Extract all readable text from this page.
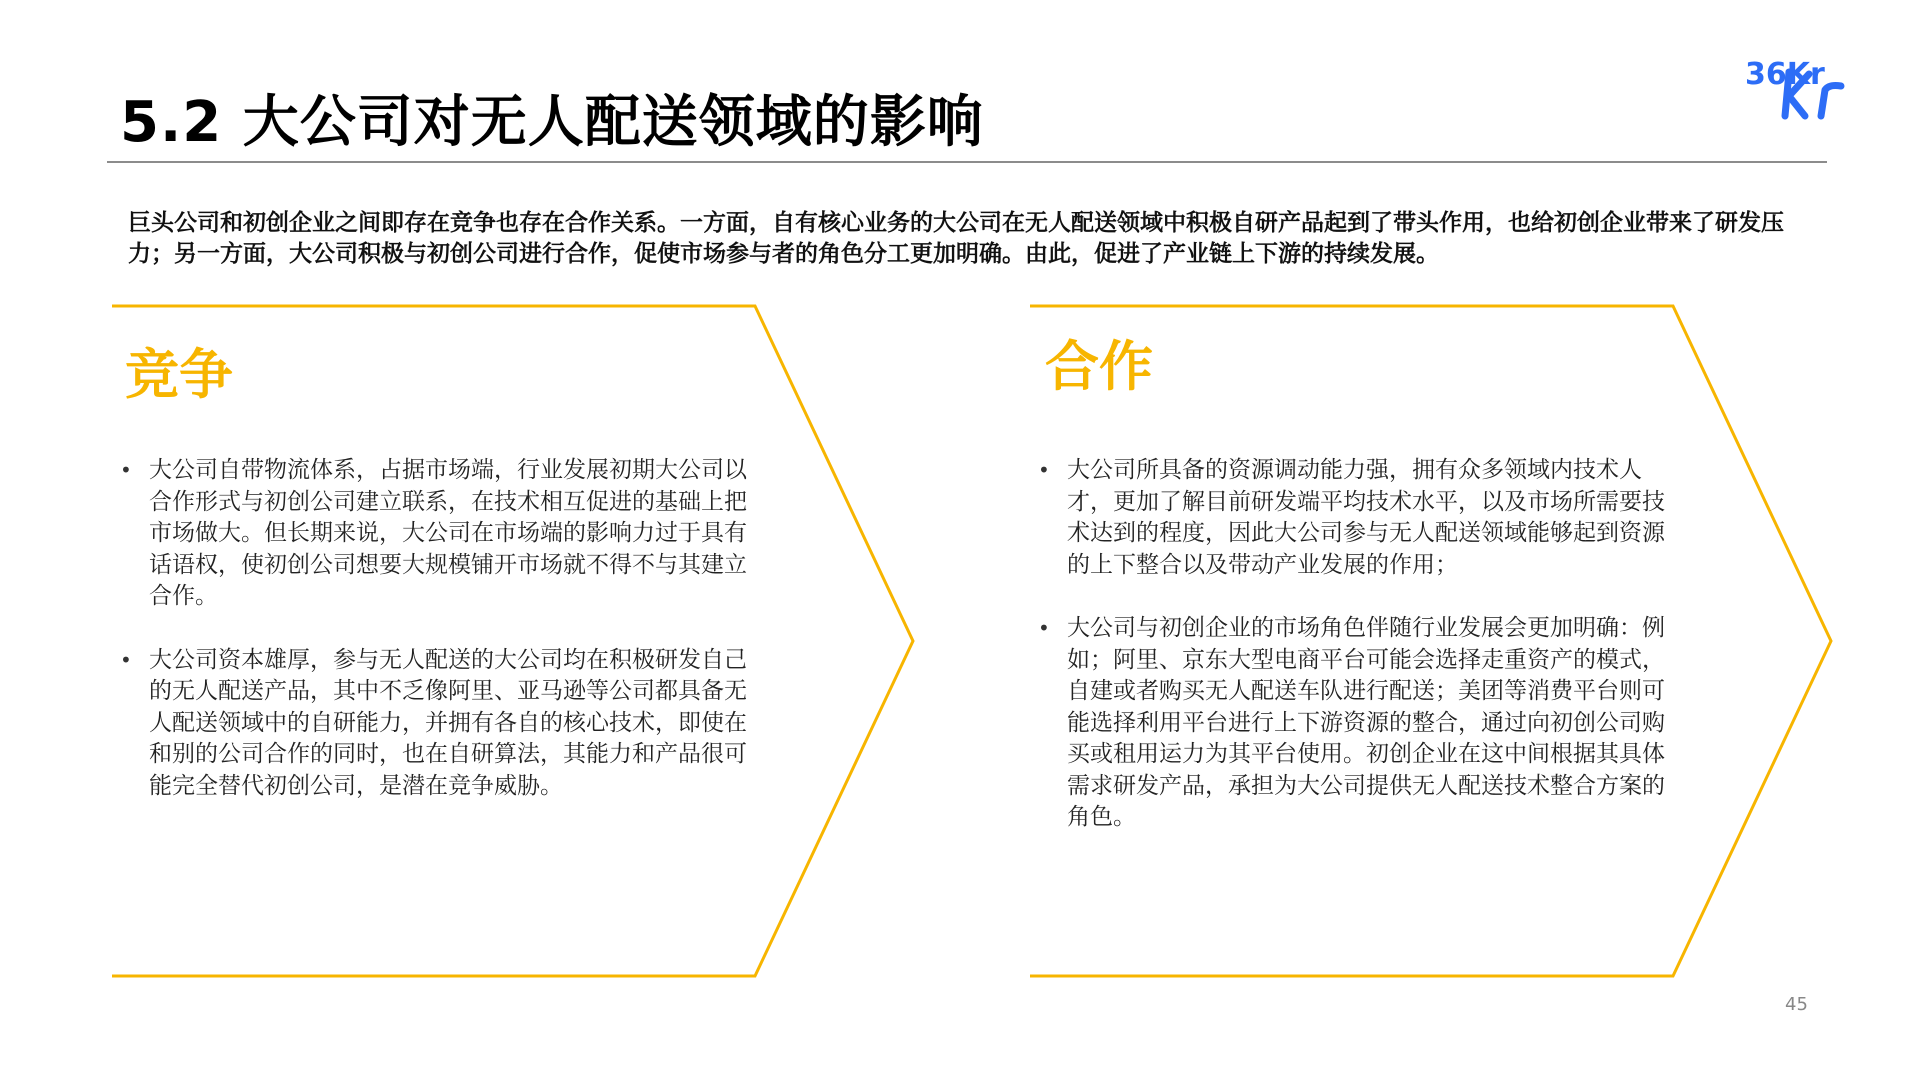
5.2 大公司对无人配送领域的影响
36Kr
巨头公司和初创企业之间即存在竞争也存在合作关系。一方面，自有核心业务的大公司在无人配送领域中积极自研产品起到了带头作用，也给初创企业带来了研发压力；另一方面，大公司积极与初创公司进行合作，促使市场参与者的角色分工更加明确。由此，促进了产业链上下游的持续发展。
竞争
• 大公司自带物流体系，占据市场端，行业发展初期大公司以合作形式与初创公司建立联系，在技术相互促进的基础上把市场做大。但长期来说，大公司在市场端的影响力过于具有话语权，使初创公司想要大规模铺开市场就不得不与其建立合作。
• 大公司资本雄厚，参与无人配送的大公司均在积极研发自己的无人配送产品，其中不乏像阿里、亚马逊等公司都具备无人配送领域中的自研能力，并拥有各自的核心技术，即使在和别的公司合作的同时，也在自研算法，其能力和产品很可能完全替代初创公司，是潜在竞争威胁。
合作
• 大公司所具备的资源调动能力强，拥有众多领域内技术人才，更加了解目前研发端平均技术水平，以及市场所需要技术达到的程度，因此大公司参与无人配送领域能够起到资源的上下整合以及带动产业发展的作用；
• 大公司与初创企业的市场角色伴随行业发展会更加明确：例如；阿里、京东大型电商平台可能会选择走重资产的模式，自建或者购买无人配送车队进行配送；美团等消费平台则可能选择利用平台进行上下游资源的整合，通过向初创公司购买或租用运力为其平台使用。初创企业在这中间根据其具体需求研发产品，承担为大公司提供无人配送技术整合方案的角色。
45
